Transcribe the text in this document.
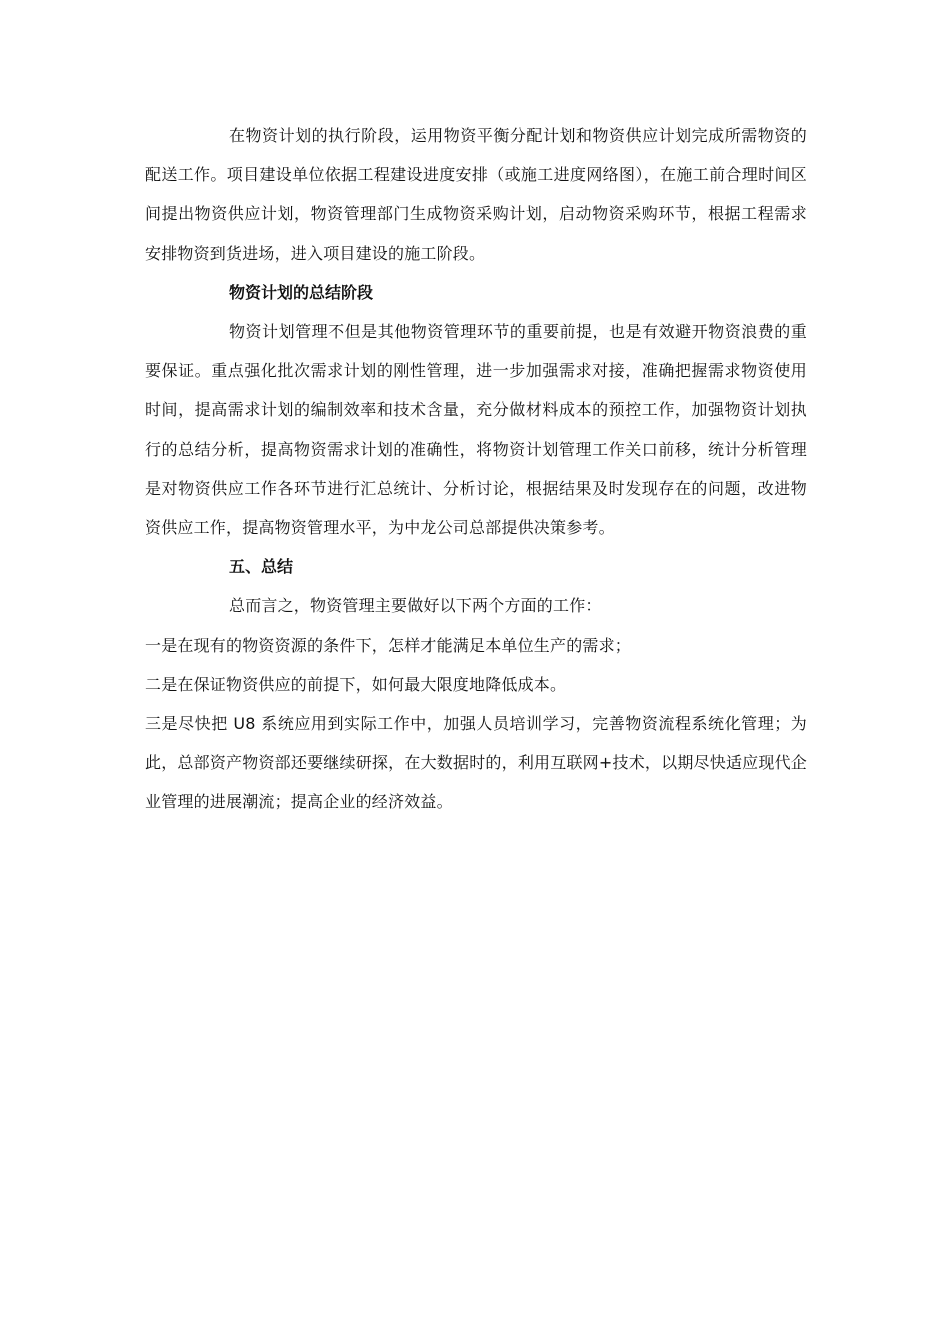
在物资计划的执行阶段，运用物资平衡分配计划和物资供应计划完成所需物资的配送工作。项目建设单位依据工程建设进度安排（或施工进度网络图），在施工前合理时间区间提出物资供应计划，物资管理部门生成物资采购计划，启动物资采购环节，根据工程需求安排物资到货进场，进入项目建设的施工阶段。

物资计划的总结阶段

物资计划管理不但是其他物资管理环节的重要前提，也是有效避开物资浪费的重要保证。重点强化批次需求计划的刚性管理，进一步加强需求对接，准确把握需求物资使用时间，提高需求计划的编制效率和技术含量，充分做材料成本的预控工作，加强物资计划执行的总结分析，提高物资需求计划的准确性，将物资计划管理工作关口前移，统计分析管理是对物资供应工作各环节进行汇总统计、分析讨论，根据结果及时发现存在的问题，改进物资供应工作，提高物资管理水平，为中龙公司总部提供决策参考。

五、总结

总而言之，物资管理主要做好以下两个方面的工作：

一是在现有的物资资源的条件下，怎样才能满足本单位生产的需求；

二是在保证物资供应的前提下，如何最大限度地降低成本。

三是尽快把 U8 系统应用到实际工作中，加强人员培训学习，完善物资流程系统化管理；为此，总部资产物资部还要继续研探，在大数据时的，利用互联网+技术，以期尽快适应现代企业管理的进展潮流；提高企业的经济效益。
